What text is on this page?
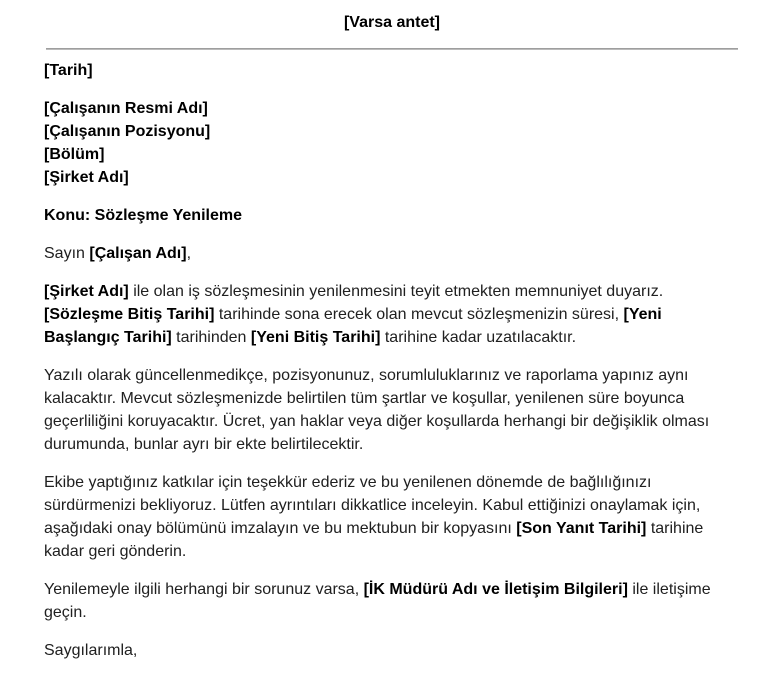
[Varsa antet]

[Tarih]

[Çalışanın Resmi Adı]
[Çalışanın Pozisyonu]
[Bölüm]
[Şirket Adı]

Konu: Sözleşme Yenileme

Sayın [Çalışan Adı],

[Şirket Adı] ile olan iş sözleşmesinin yenilenmesini teyit etmekten memnuniyet duyarız. [Sözleşme Bitiş Tarihi] tarihinde sona erecek olan mevcut sözleşmenizin süresi, [Yeni Başlangıç Tarihi] tarihinden [Yeni Bitiş Tarihi] tarihine kadar uzatılacaktır.

Yazılı olarak güncellenmedikçe, pozisyonunuz, sorumluluklarınız ve raporlama yapınız aynı kalacaktır. Mevcut sözleşmenizde belirtilen tüm şartlar ve koşullar, yenilenen süre boyunca geçerliliğini koruyacaktır. Ücret, yan haklar veya diğer koşullarda herhangi bir değişiklik olması durumunda, bunlar ayrı bir ekte belirtilecektir.

Ekibe yaptığınız katkılar için teşekkür ederiz ve bu yenilenen dönemde de bağlılığınızı sürdürmenizi bekliyoruz. Lütfen ayrıntıları dikkatlice inceleyin. Kabul ettiğinizi onaylamak için, aşağıdaki onay bölümünü imzalayın ve bu mektubun bir kopyasını [Son Yanıt Tarihi] tarihine kadar geri gönderin.

Yenilemeyle ilgili herhangi bir sorunuz varsa, [İK Müdürü Adı ve İletişim Bilgileri] ile iletişime geçin.

Saygılarımla,
